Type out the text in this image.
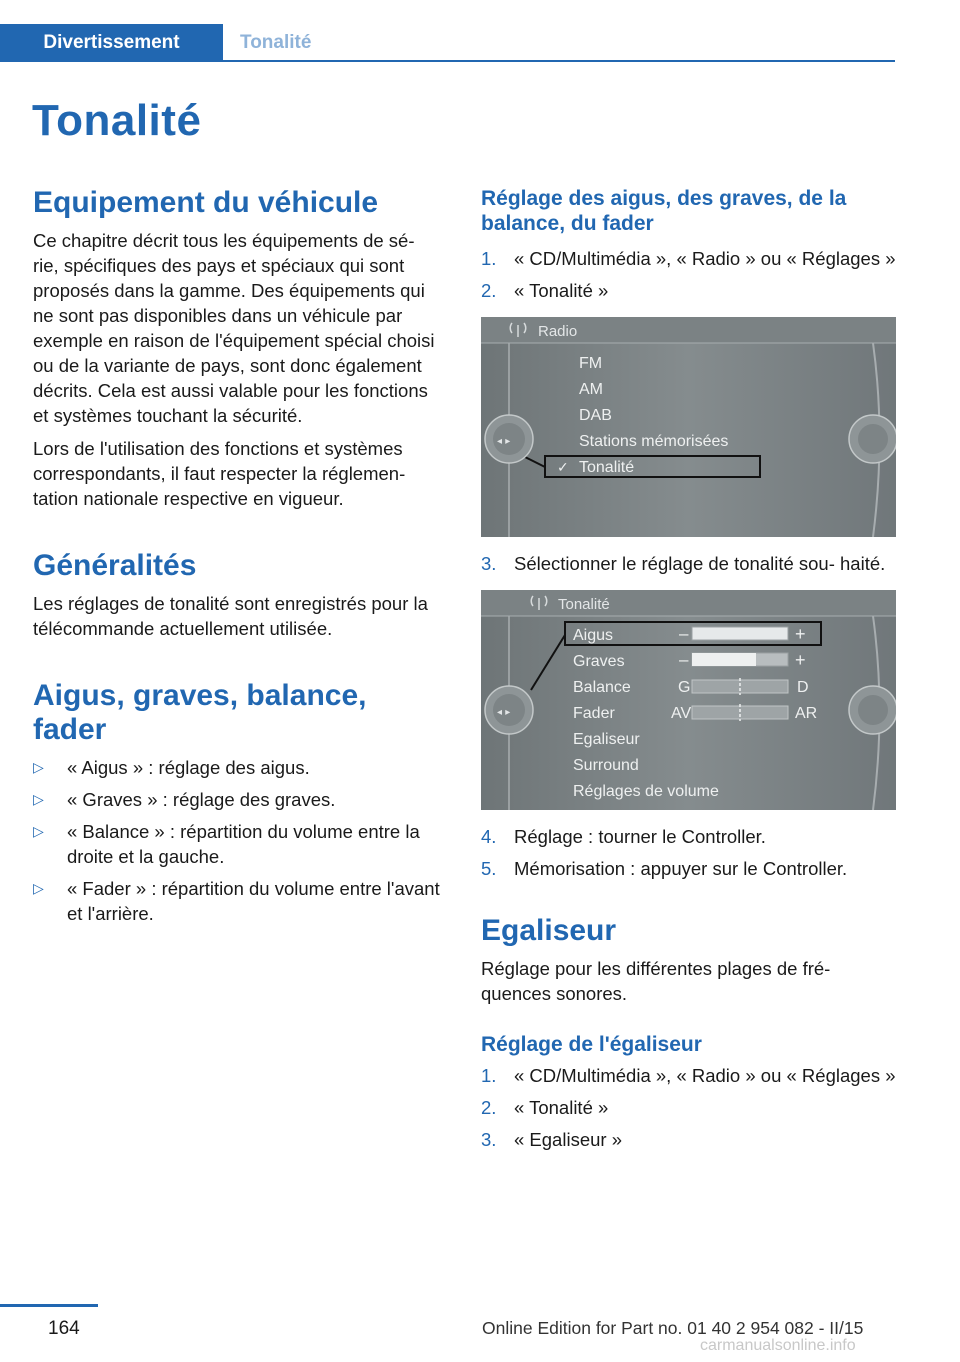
Divertissement	Tonalité
Tonalité
Equipement du véhicule

Ce chapitre décrit tous les équipements de sé‐ rie, spécifiques des pays et spéciaux qui sont proposés dans la gamme. Des équipements qui ne sont pas disponibles dans un véhicule par exemple en raison de l'équipement spécial choisi ou de la variante de pays, sont donc également décrits. Cela est aussi valable pour les fonctions et systèmes touchant la sécurité.

Lors de l'utilisation des fonctions et systèmes correspondants, il faut respecter la réglemen‐ tation nationale respective en vigueur.

Généralités

Les réglages de tonalité sont enregistrés pour la télécommande actuellement utilisée.

Aigus, graves, balance, fader
▷ « Aigus » : réglage des aigus.
▷ « Graves » : réglage des graves.
▷ « Balance » : répartition du volume entre la droite et la gauche.
▷ « Fader » : répartition du volume entre l'avant et l'arrière.
Réglage des aigus, des graves, de la balance, du fader
1. « CD/Multimédia », « Radio » ou « Réglages »
2. « Tonalité »
Radio
FM
AM
DAB
Stations mémorisées
✓ Tonalité
◂ ▸
3. Sélectionner le réglage de tonalité sou‐ haité.
Tonalité
Aigus
Graves
Balance
Fader
Egaliseur
Surround
Réglages de volume
–	+
–	+
G	D
AV	AR
◂ ▸
4. Réglage : tourner le Controller.
5. Mémorisation : appuyer sur le Controller.
Egaliseur

Réglage pour les différentes plages de fré‐ quences sonores.

Réglage de l'égaliseur
1. « CD/Multimédia », « Radio » ou « Réglages »
2. « Tonalité »
3. « Egaliseur »
164	Online Edition for Part no. 01 40 2 954 082 - II/15
carmanualsonline.info
